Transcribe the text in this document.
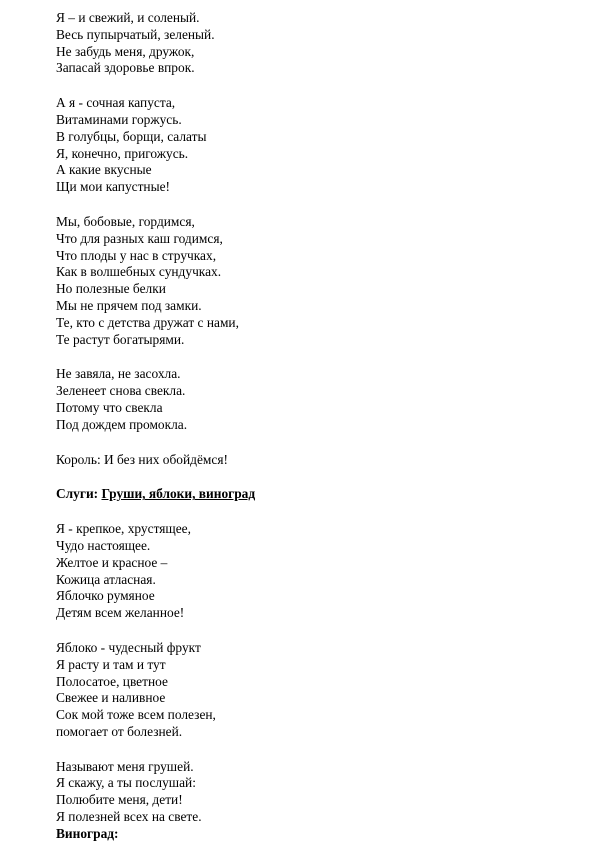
Я – и свежий, и соленый.
Весь пупырчатый, зеленый.
Не забудь меня, дружок,
Запасай здоровье впрок.
А я - сочная капуста,
Витаминами горжусь.
В голубцы, борщи, салаты
Я, конечно, пригожусь.
А какие вкусные
Щи мои капустные!
Мы, бобовые, гордимся,
Что для разных каш годимся,
Что плоды у нас в стручках,
Как в волшебных сундучках.
Но полезные белки
Мы не прячем под замки.
Те, кто с детства дружат с нами,
Те растут богатырями.
Не завяла, не засохла.
Зеленеет снова свекла.
Потому что свекла
Под дождем промокла.
Король: И без них обойдёмся!
Слуги: Груши, яблоки, виноград
Я - крепкое, хрустящее,
Чудо настоящее.
Желтое и красное –
Кожица атласная.
Яблочко румяное
Детям всем желанное!
Яблоко - чудесный фрукт
Я расту и там и тут
Полосатое, цветное
Свежее и наливное
Сок мой тоже всем полезен,
помогает от болезней.
Называют меня грушей.
Я скажу, а ты послушай:
Полюбите меня, дети!
Я полезней всех на свете.
Виноград:
